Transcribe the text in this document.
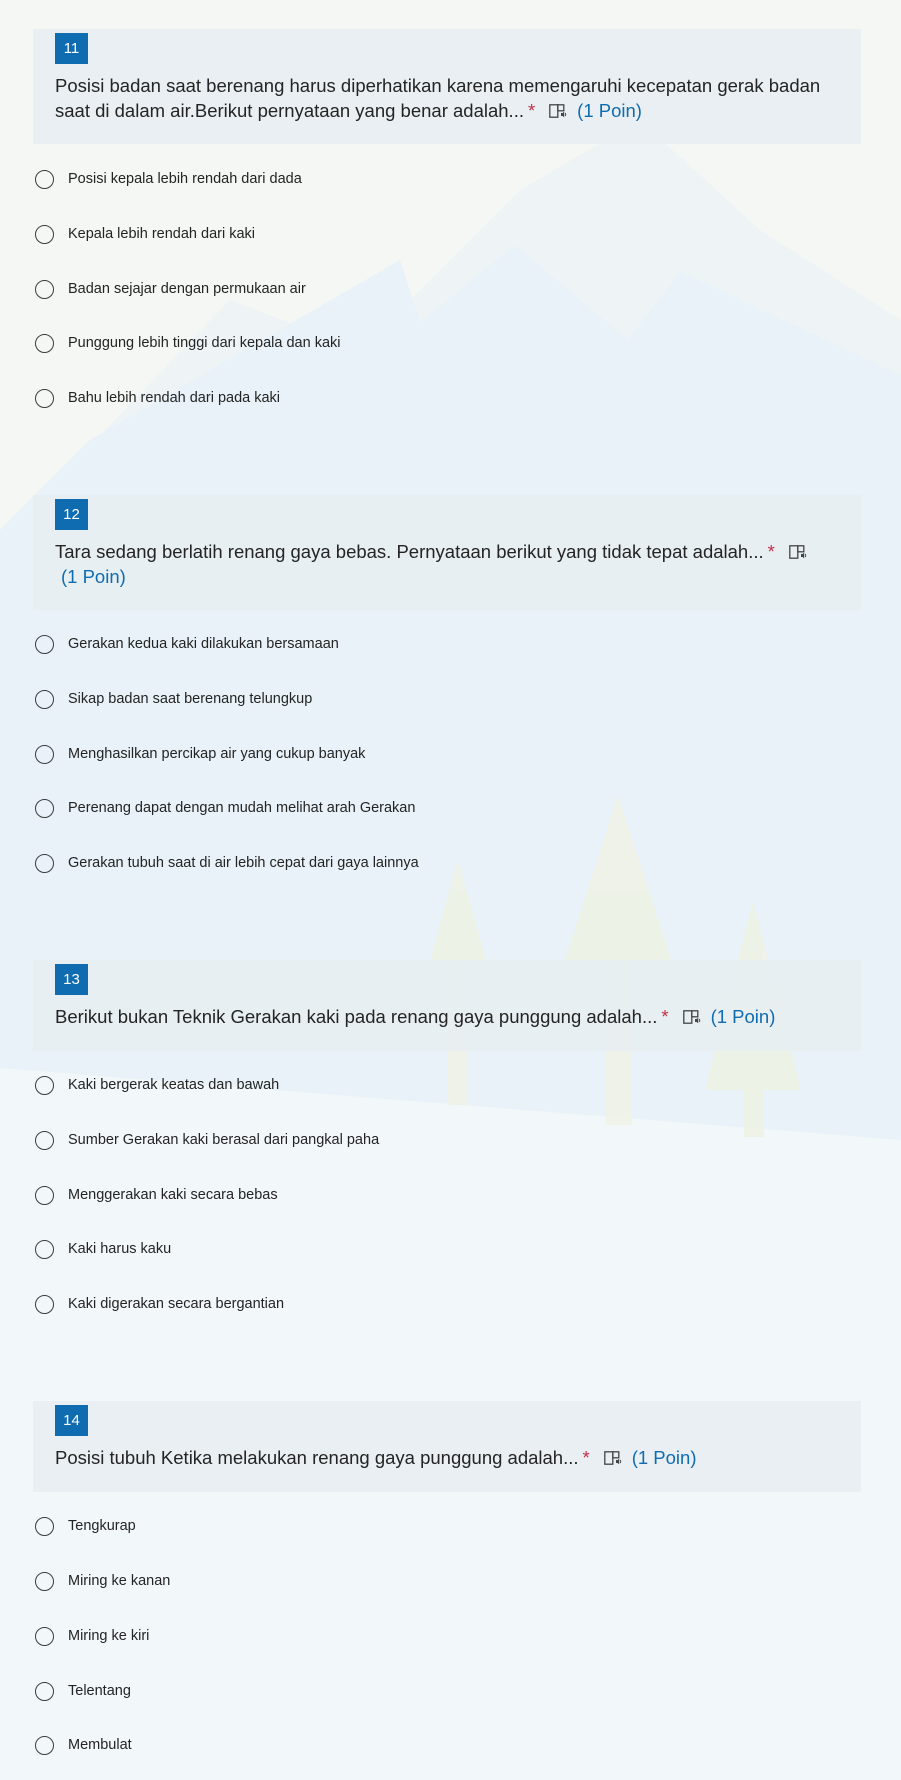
11
Posisi badan saat berenang harus diperhatikan karena memengaruhi kecepatan gerak badan saat di dalam air.Berikut pernyataan yang benar adalah... * (1 Poin)
Posisi kepala lebih rendah dari dada
Kepala lebih rendah dari kaki
Badan sejajar dengan permukaan air
Punggung lebih tinggi dari kepala dan kaki
Bahu lebih rendah dari pada kaki
12
Tara sedang berlatih renang gaya bebas. Pernyataan berikut yang tidak tepat adalah... *

(1 Poin)
Gerakan kedua kaki dilakukan bersamaan
Sikap badan saat berenang telungkup
Menghasilkan percikap air yang cukup banyak
Perenang dapat dengan mudah melihat arah Gerakan
Gerakan tubuh saat di air lebih cepat dari gaya lainnya
13
Berikut bukan Teknik Gerakan kaki pada renang gaya punggung adalah... * (1 Poin)
Kaki bergerak keatas dan bawah
Sumber Gerakan kaki berasal dari pangkal paha
Menggerakan kaki secara bebas
Kaki harus kaku
Kaki digerakan secara bergantian
14
Posisi tubuh Ketika melakukan renang gaya punggung adalah... * (1 Poin)
Tengkurap
Miring ke kanan
Miring ke kiri
Telentang
Membulat
